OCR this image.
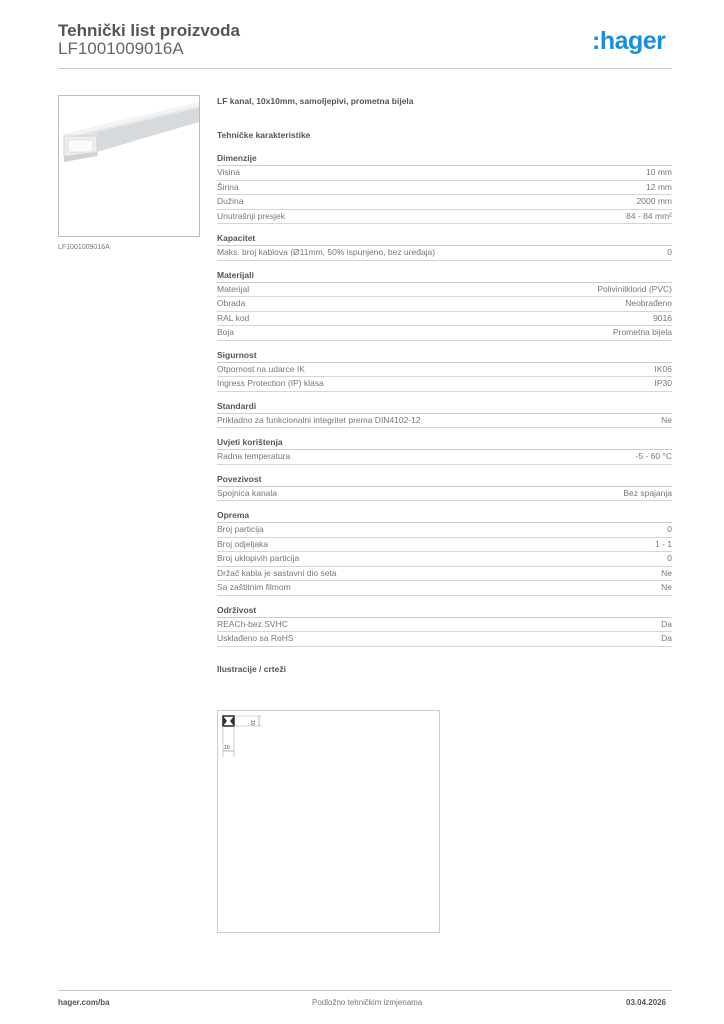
Tehnički list proizvoda
LF1001009016A	:hager
LF1001009016A
LF kanal, 10x10mm, samoljepivi, prometna bijela
Tehničke karakteristike
Dimenzije
Visina	10 mm
Širina	12 mm
Dužina	2000 mm
Unutrašnji presjek	84 - 84 mm²
Kapacitet
Maks. broj kablova (Ø11mm, 50% ispunjeno, bez uređaja)	0
Materijali
Materijal	Polivinilklorid (PVC)
Obrada	Neobrađeno
RAL kod	9016
Boja	Prometna bijela
Sigurnost
Otpornost na udarce IK	IK06
Ingress Protection (IP) klasa	IP30
Standardi
Prikladno za funkcionalni integritet prema DIN4102-12	Ne
Uvjeti korištenja
Radna temperatura	-5 - 60 °C
Povezivost
Spojnica kanala	Bez spajanja
Oprema
Broj particija	0
Broj odjeljaka	1 - 1
Broj uklopivih particija	0
Držač kabla je sastavni dio seta	Ne
Sa zaštitnim filmom	Ne
Održivost
REACh-bez SVHC	Da
Usklađeno sa RoHS	Da
Ilustracije / crteži
10
10
hager.com/ba	Podložno tehničkim izmjenama	03.04.2026
